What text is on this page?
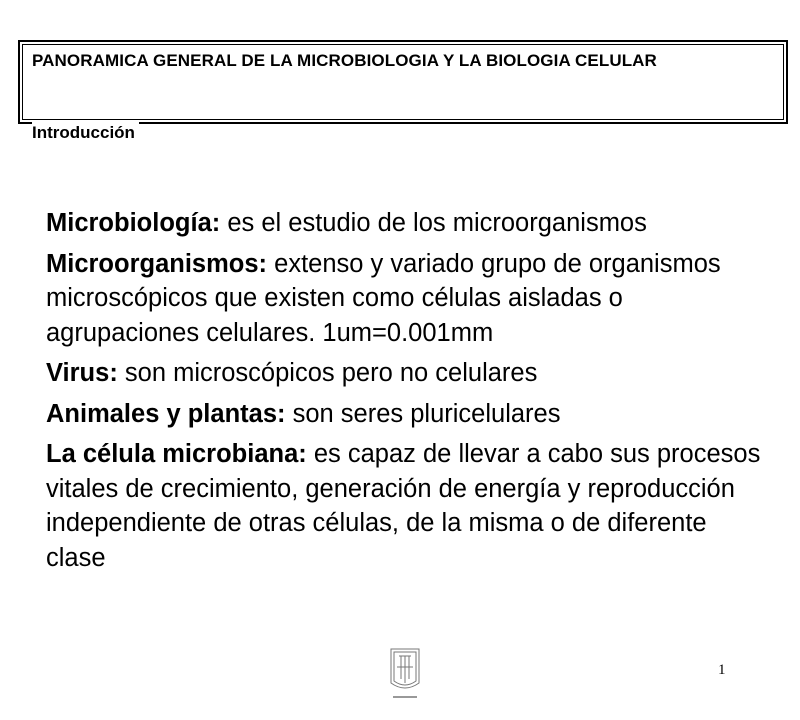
PANORAMICA GENERAL DE LA MICROBIOLOGIA Y LA BIOLOGIA CELULAR
Introducción

Microbiología: es el estudio de los microorganismos

Microorganismos: extenso y variado grupo de organismos microscópicos que existen como células aisladas o agrupaciones celulares. 1um=0.001mm

Virus: son microscópicos pero no celulares

Animales y plantas: son seres pluricelulares

La célula microbiana: es capaz de llevar a cabo sus procesos vitales de crecimiento, generación de energía y reproducción independiente de otras células, de la misma o de diferente clase

1
